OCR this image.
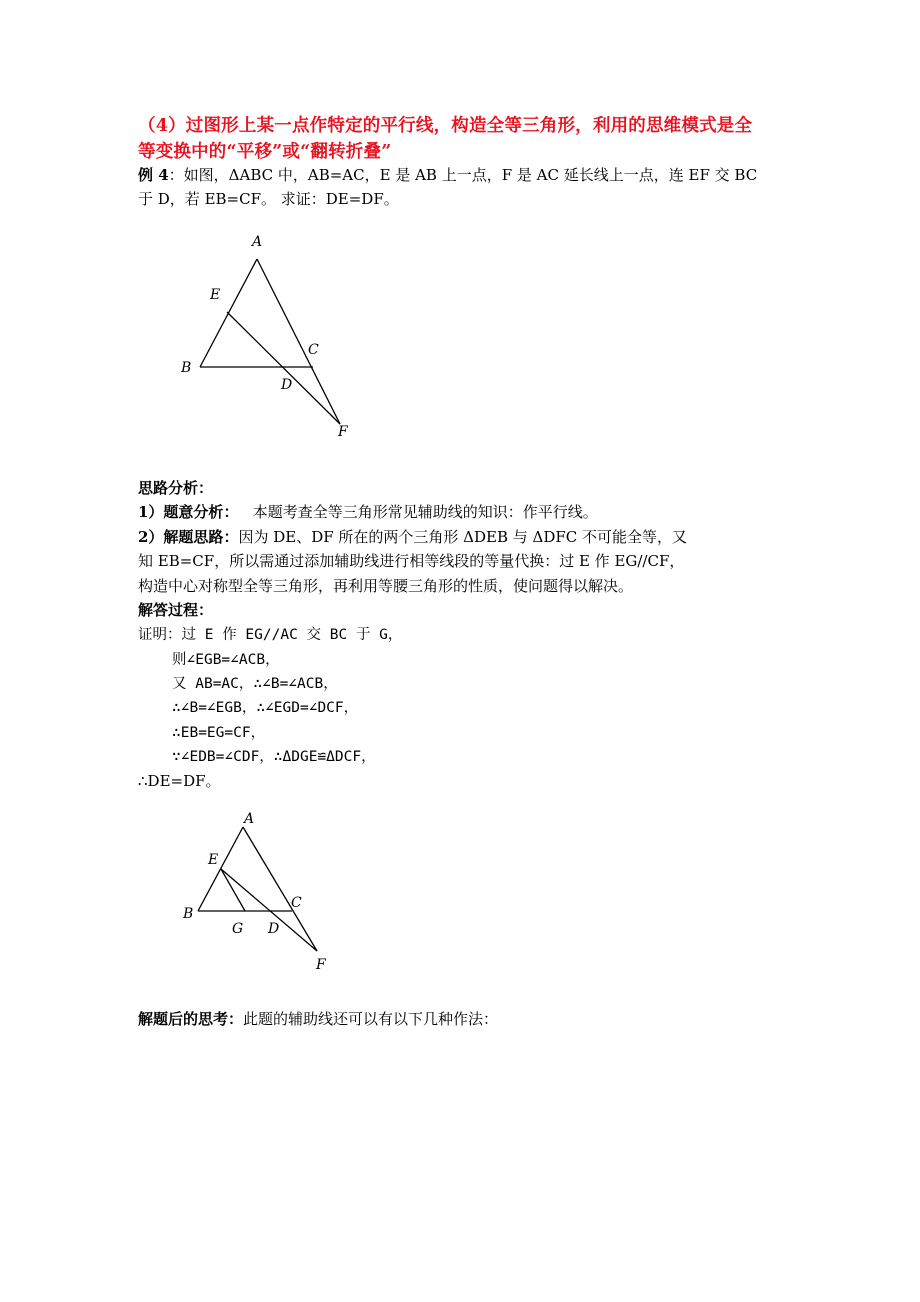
（4）过图形上某一点作特定的平行线，构造全等三角形，利用的思维模式是全
等变换中的“平移”或“翻转折叠”
例 4：如图，ΔABC 中，AB=AC，E 是 AB 上一点，F 是 AC 延长线上一点，连 EF 交 BC
于 D，若 EB=CF。 求证：DE=DF。
A
E
B
C
D
F
思路分析：
1）题意分析： 本题考查全等三角形常见辅助线的知识：作平行线。
2）解题思路：因为 DE、DF 所在的两个三角形 ΔDEB 与 ΔDFC 不可能全等，又
知 EB=CF，所以需通过添加辅助线进行相等线段的等量代换：过 E 作 EG//CF，
构造中心对称型全等三角形，再利用等腰三角形的性质，使问题得以解决。
解答过程：
证明：过 E 作 EG//AC 交 BC 于 G，
则∠EGB=∠ACB，
又 AB=AC，∴∠B=∠ACB，
∴∠B=∠EGB，∴∠EGD=∠DCF，
∴EB=EG=CF，
∵∠EDB=∠CDF，∴ΔDGE≌ΔDCF，
∴DE=DF。
A
E
B
C
G D
F
解题后的思考：此题的辅助线还可以有以下几种作法：
